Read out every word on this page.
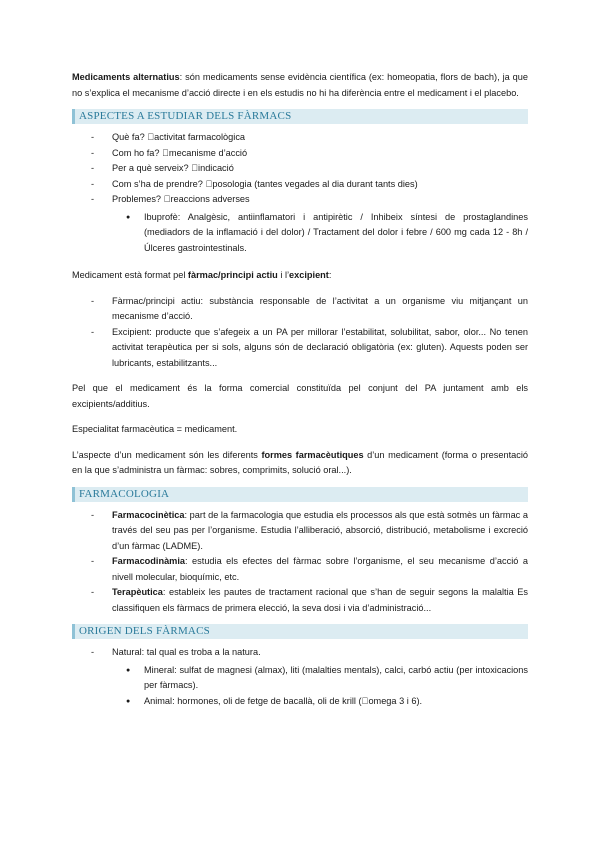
Medicaments alternatius: són medicaments sense evidència científica (ex: homeopatia, flors de bach), ja que no s’explica el mecanisme d’acció directe i en els estudis no hi ha diferència entre el medicament i el placebo.

ASPECTES A ESTUDIAR DELS FÀRMACS
- Què fa?  activitat farmacològica
- Com ho fa?  mecanisme d’acció
- Per a què serveix?  indicació
- Com s’ha de prendre?  posologia (tantes vegades al dia durant tants dies)
- Problemes?  reaccions adverses
● Ibuprofè: Analgèsic, antiinflamatori i antipirètic / Inhibeix síntesi de prostaglandines (mediadors de la inflamació i del dolor) / Tractament del dolor i febre / 600 mg cada 12 - 8h / Úlceres gastrointestinals.

Medicament està format pel fàrmac/principi actiu i l’excipient:

- Fàrmac/principi actiu: substància responsable de l’activitat a un organisme viu mitjançant un mecanisme d’acció.
- Excipient: producte que s’afegeix a un PA per millorar l’estabilitat, solubilitat, sabor, olor... No tenen activitat terapèutica per si sols, alguns són de declaració obligatòria (ex: gluten). Aquests poden ser lubricants, estabilitzants...

Pel que el medicament és la forma comercial constituïda pel conjunt del PA juntament amb els excipients/additius.

Especialitat farmacèutica = medicament.

L’aspecte d’un medicament són les diferents formes farmacèutiques d’un medicament (forma o presentació en la que s’administra un fàrmac: sobres, comprimits, solució oral...).

FARMACOLOGIA
- Farmacocinètica: part de la farmacologia que estudia els processos als que està sotmès un fàrmac a través del seu pas per l’organisme. Estudia l’alliberació, absorció, distribució, metabolisme i excreció d’un fàrmac (LADME).
- Farmacodinàmia: estudia els efectes del fàrmac sobre l’organisme, el seu mecanisme d’acció a nivell molecular, bioquímic, etc.
- Terapèutica: estableix les pautes de tractament racional que s’han de seguir segons la malaltia Es classifiquen els fàrmacs de primera elecció, la seva dosi i via d’administració...
ORIGEN DELS FÀRMACS
- Natural: tal qual es troba a la natura.
● Mineral: sulfat de magnesi (almax), liti (malalties mentals), calci, carbó actiu (per intoxicacions per fàrmacs).
● Animal: hormones, oli de fetge de bacallà, oli de krill ( omega 3 i 6).
